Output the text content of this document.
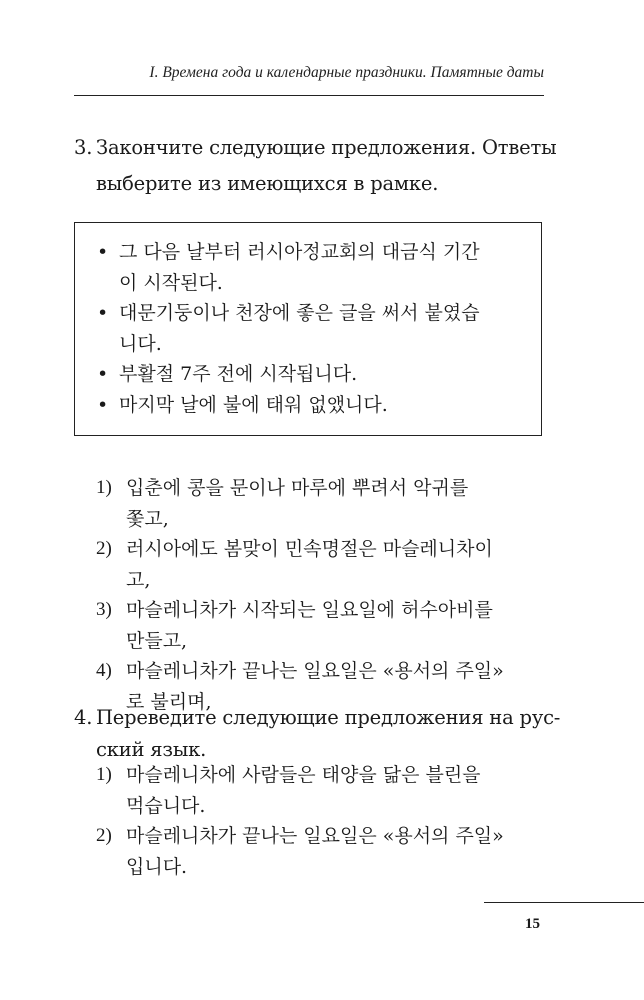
I. Времена года и календарные праздники. Памятные даты
3. Закончите следующие предложения. Ответы
выберите из имеющихся в рамке.
• 그 다음 날부터 러시아정교회의 대금식 기간
이 시작된다.
• 대문기둥이나 천장에 좋은 글을 써서 붙였습
니다.
• 부활절 7주 전에 시작됩니다.
• 마지막 날에 불에 태워 없앴니다.
1) 입춘에 콩을 문이나 마루에 뿌려서 악귀를
쫓고,
2) 러시아에도 봄맞이 민속명절은 마슬레니차이
고,
3) 마슬레니차가 시작되는 일요일에 허수아비를
만들고,
4) 마슬레니차가 끝나는 일요일은 «용서의 주일»
로 불리며,
4. Переведите следующие предложения на рус-
ский язык.
1) 마슬레니차에 사람들은 태양을 닮은 블린을
먹습니다.
2) 마슬레니차가 끝나는 일요일은 «용서의 주일»
입니다.
15
